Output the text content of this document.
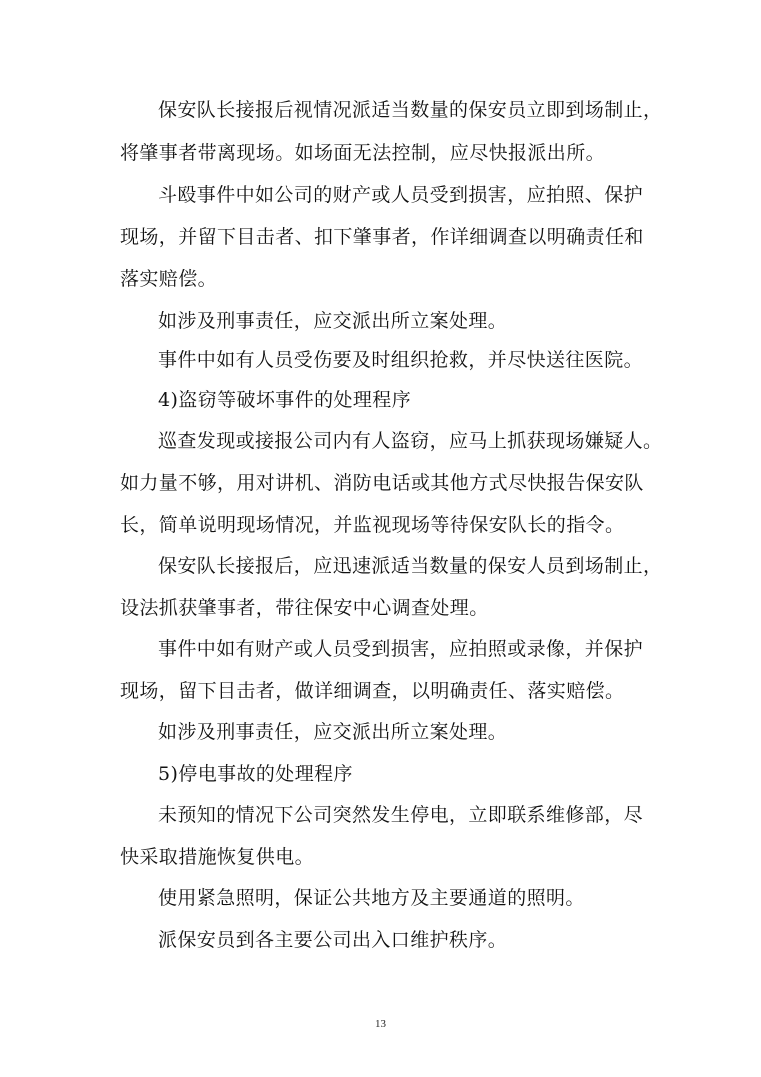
保安队长接报后视情况派适当数量的保安员立即到场制止，
将肇事者带离现场。如场面无法控制，应尽快报派出所。
斗殴事件中如公司的财产或人员受到损害，应拍照、保护
现场，并留下目击者、扣下肇事者，作详细调查以明确责任和
落实赔偿。
如涉及刑事责任，应交派出所立案处理。
事件中如有人员受伤要及时组织抢救，并尽快送往医院。
4)盗窃等破坏事件的处理程序
巡查发现或接报公司内有人盗窃，应马上抓获现场嫌疑人。
如力量不够，用对讲机、消防电话或其他方式尽快报告保安队
长，简单说明现场情况，并监视现场等待保安队长的指令。
保安队长接报后，应迅速派适当数量的保安人员到场制止，
设法抓获肇事者，带往保安中心调查处理。
事件中如有财产或人员受到损害，应拍照或录像，并保护
现场，留下目击者，做详细调查，以明确责任、落实赔偿。
如涉及刑事责任，应交派出所立案处理。
5)停电事故的处理程序
未预知的情况下公司突然发生停电，立即联系维修部，尽
快采取措施恢复供电。
使用紧急照明，保证公共地方及主要通道的照明。
派保安员到各主要公司出入口维护秩序。
13
